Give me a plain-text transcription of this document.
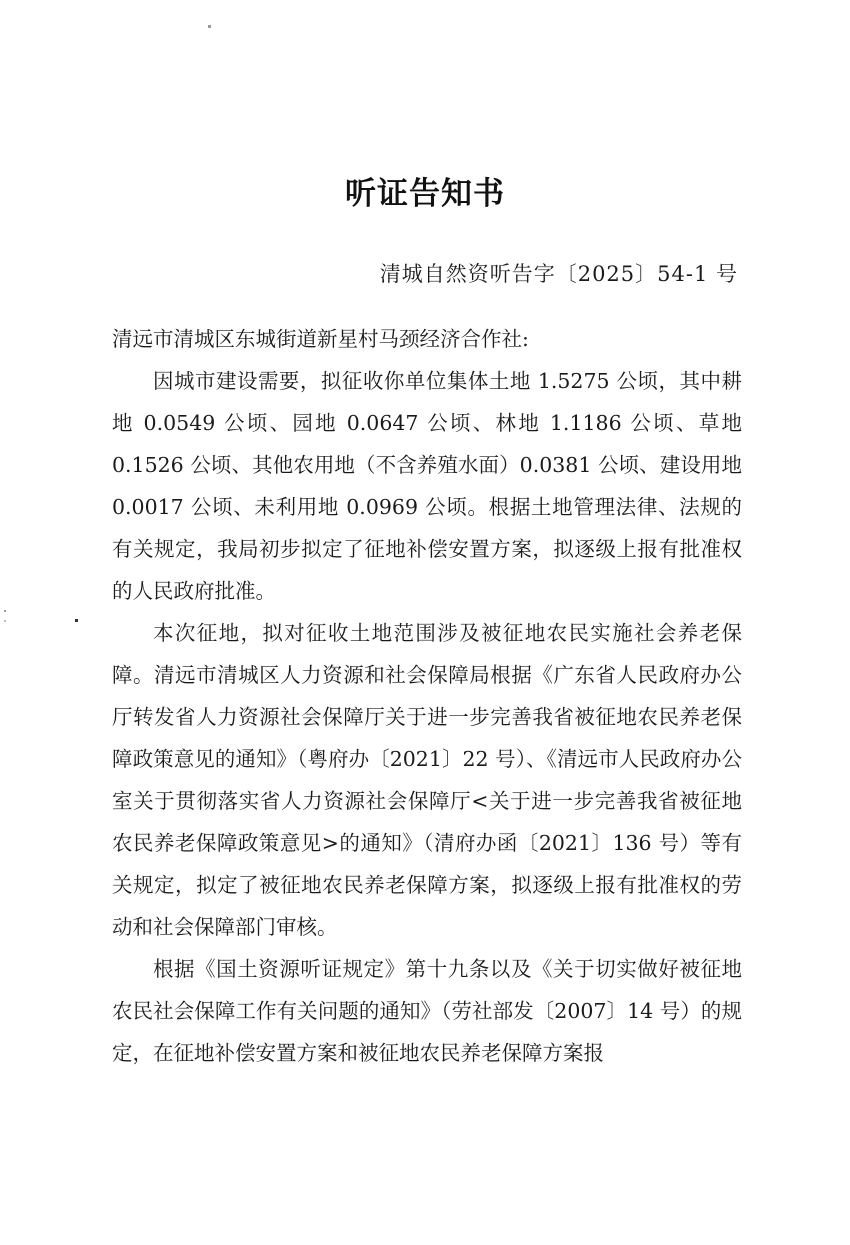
听证告知书
清城自然资听告字〔2025〕54-1 号

清远市清城区东城街道新星村马颈经济合作社:

因城市建设需要，拟征收你单位集体土地 1.5275 公顷，其中耕地 0.0549 公顷、园地 0.0647 公顷、林地 1.1186 公顷、草地 0.1526 公顷、其他农用地（不含养殖水面）0.0381 公顷、建设用地 0.0017 公顷、未利用地 0.0969 公顷。根据土地管理法律、法规的有关规定，我局初步拟定了征地补偿安置方案，拟逐级上报有批准权的人民政府批准。

本次征地，拟对征收土地范围涉及被征地农民实施社会养老保障。清远市清城区人力资源和社会保障局根据《广东省人民政府办公厅转发省人力资源社会保障厅关于进一步完善我省被征地农民养老保障政策意见的通知》（粤府办〔2021〕22 号）、《清远市人民政府办公室关于贯彻落实省人力资源社会保障厅<关于进一步完善我省被征地农民养老保障政策意见>的通知》（清府办函〔2021〕136 号）等有关规定，拟定了被征地农民养老保障方案，拟逐级上报有批准权的劳动和社会保障部门审核。

根据《国土资源听证规定》第十九条以及《关于切实做好被征地农民社会保障工作有关问题的通知》（劳社部发〔2007〕14 号）的规定，在征地补偿安置方案和被征地农民养老保障方案报
